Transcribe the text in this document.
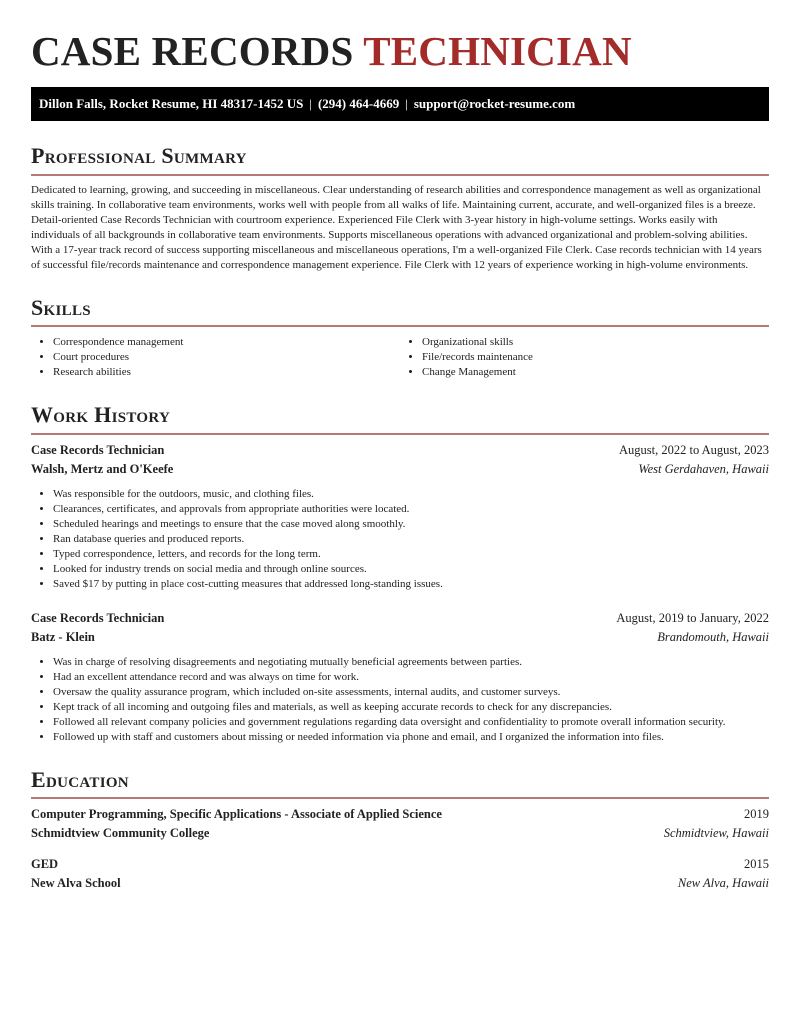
CASE RECORDS TECHNICIAN
Dillon Falls, Rocket Resume, HI 48317-1452 US | (294) 464-4669 | support@rocket-resume.com
Professional Summary
Dedicated to learning, growing, and succeeding in miscellaneous. Clear understanding of research abilities and correspondence management as well as organizational skills training. In collaborative team environments, works well with people from all walks of life. Maintaining current, accurate, and well-organized files is a breeze. Detail-oriented Case Records Technician with courtroom experience. Experienced File Clerk with 3-year history in high-volume settings. Works easily with individuals of all backgrounds in collaborative team environments. Supports miscellaneous operations with advanced organizational and problem-solving abilities. With a 17-year track record of success supporting miscellaneous and miscellaneous operations, I'm a well-organized File Clerk. Case records technician with 14 years of successful file/records maintenance and correspondence management experience. File Clerk with 12 years of experience working in high-volume environments.
Skills
• Correspondence management
• Court procedures
• Research abilities
• Organizational skills
• File/records maintenance
• Change Management
Work History
Case Records Technician	August, 2022 to August, 2023
Walsh, Mertz and O'Keefe	West Gerdahaven, Hawaii
• Was responsible for the outdoors, music, and clothing files.
• Clearances, certificates, and approvals from appropriate authorities were located.
• Scheduled hearings and meetings to ensure that the case moved along smoothly.
• Ran database queries and produced reports.
• Typed correspondence, letters, and records for the long term.
• Looked for industry trends on social media and through online sources.
• Saved $17 by putting in place cost-cutting measures that addressed long-standing issues.
Case Records Technician	August, 2019 to January, 2022
Batz - Klein	Brandomouth, Hawaii
• Was in charge of resolving disagreements and negotiating mutually beneficial agreements between parties.
• Had an excellent attendance record and was always on time for work.
• Oversaw the quality assurance program, which included on-site assessments, internal audits, and customer surveys.
• Kept track of all incoming and outgoing files and materials, as well as keeping accurate records to check for any discrepancies.
• Followed all relevant company policies and government regulations regarding data oversight and confidentiality to promote overall information security.
• Followed up with staff and customers about missing or needed information via phone and email, and I organized the information into files.
Education
Computer Programming, Specific Applications - Associate of Applied Science	2019
Schmidtview Community College	Schmidtview, Hawaii
GED	2015
New Alva School	New Alva, Hawaii
